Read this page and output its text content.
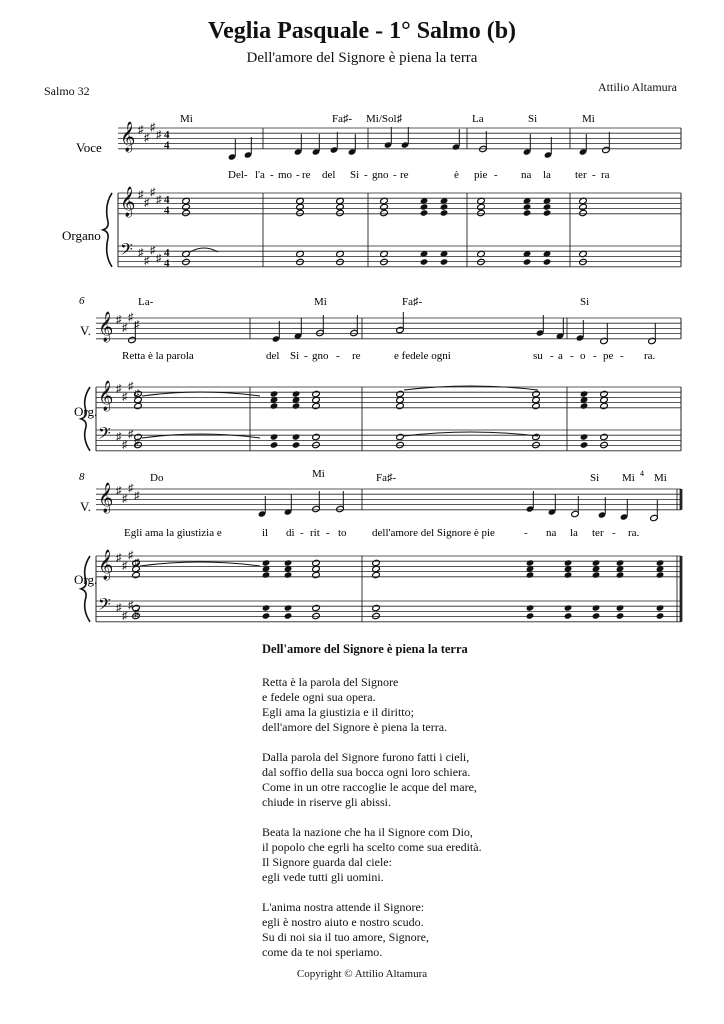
Veglia Pasquale - 1° Salmo (b)
Dell'amore del Signore è piena la terra
Salmo 32	Attilio Altamura
𝄞 ♯
♯
♯
♯ 4
4
𝄞 ♯
♯
♯
♯ 4
4
𝄢 ♯
♯
♯
♯ 4
4
𝄞 ♯
♯
♯
♯
𝄞 ♯
♯
♯
♯
𝄢 ♯
♯
♯
♯
𝄞 ♯
♯
♯
♯
𝄞 ♯
♯
♯
♯
𝄢 ♯
♯
♯
♯
Voce
Organo
V.
Org.
V.
Org.
6
8
Mi	Fa♯- Mi/Sol♯	La	Si	Mi
Del- l'a - mo - re del Si - gno - re	è pie - na la ter - ra
La-	Mi	Fa♯-	Si
Retta è la parola	del Si - gno - re	e fedele ogni	su - a - o - pe - ra.
Do	Mi	Fa♯-	Si Mi 4 Mi
Egli ama la giustizia e	il di - rit - to dell'amore del Signore è pie	- na la ter - ra.
Dell'amore del Signore è piena la terra
Retta è la parola del Signore
e fedele ogni sua opera.
Egli ama la giustizia e il diritto;
dell'amore del Signore è piena la terra.
Dalla parola del Signore furono fatti i cieli,
dal soffio della sua bocca ogni loro schiera.
Come in un otre raccoglie le acque del mare,
chiude in riserve gli abissi.
Beata la nazione che ha il Signore com Dio,
il popolo che egrli ha scelto come sua eredità.
Il Signore guarda dal ciele:
egli vede tutti gli uomini.
L'anima nostra attende il Signore:
egli è nostro aiuto e nostro scudo.
Su di noi sia il tuo amore, Signore,
come da te noi speriamo.
Copyright © Attilio Altamura
